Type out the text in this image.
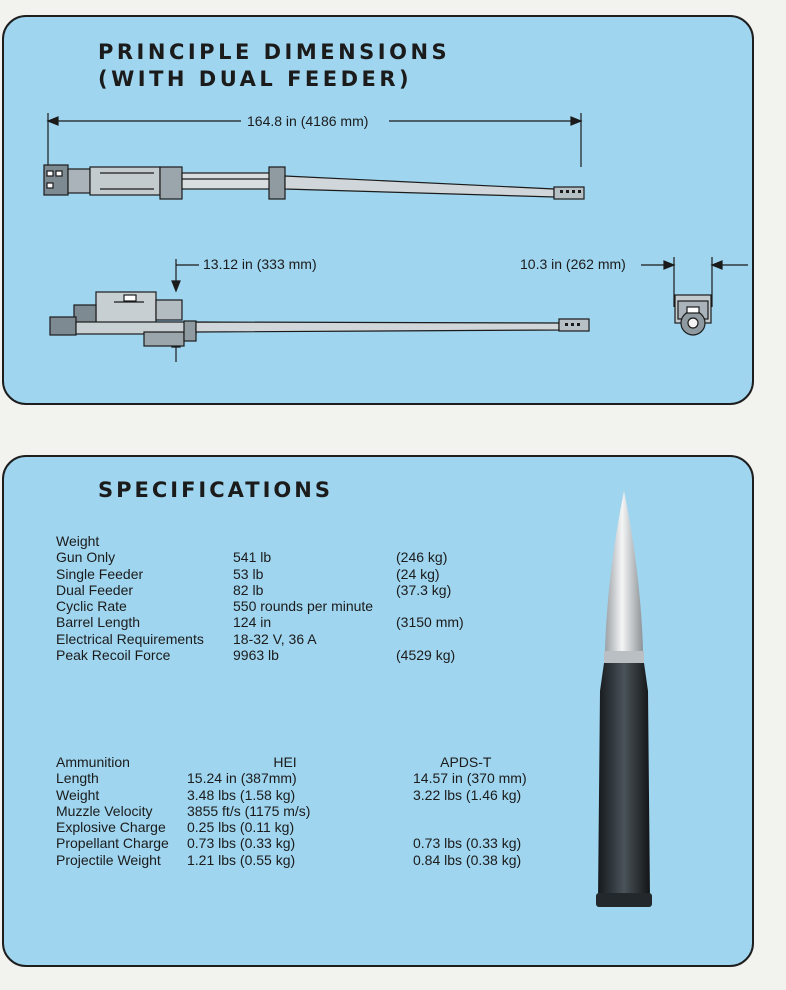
PRINCIPLE DIMENSIONS
(WITH DUAL FEEDER)
164.8 in (4186 mm)
13.12 in (333 mm)	10.3 in (262 mm)
SPECIFICATIONS
Weight		
Gun Only	541 lb	(246 kg)
Single Feeder	53 lb	(24 kg)
Dual Feeder	82 lb	(37.3 kg)
Cyclic Rate	550 rounds per minute	
Barrel Length	124 in	(3150 mm)
Electrical Requirements	18-32 V, 36 A	
Peak Recoil Force	9963 lb	(4529 kg)
Ammunition	HEI	APDS-T
Length	15.24 in (387mm)	14.57 in (370 mm)
Weight	3.48 lbs (1.58 kg)	3.22 lbs (1.46 kg)
Muzzle Velocity	3855 ft/s (1175 m/s)	
Explosive Charge	0.25 lbs (0.11 kg)	
Propellant Charge	0.73 lbs (0.33 kg)	0.73 lbs (0.33 kg)
Projectile Weight	1.21 lbs (0.55 kg)	0.84 lbs (0.38 kg)
